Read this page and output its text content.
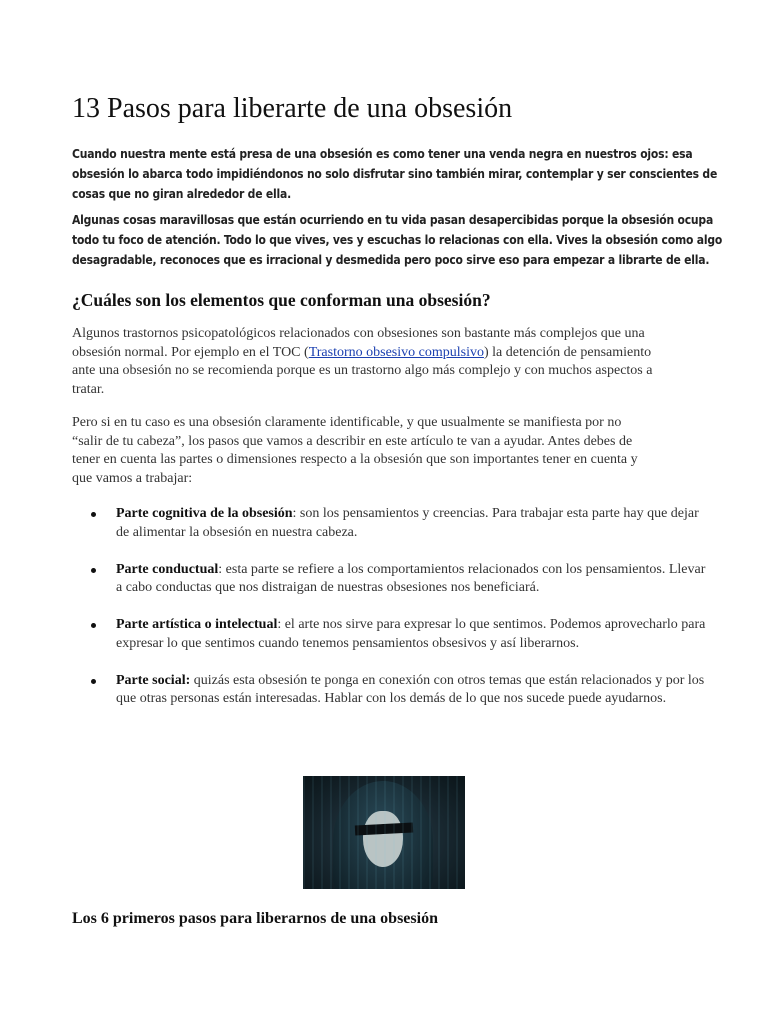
13 Pasos para liberarte de una obsesión
Cuando nuestra mente está presa de una obsesión es como tener una venda negra en nuestros ojos: esa
obsesión lo abarca todo impidiéndonos no solo disfrutar sino también mirar, contemplar y ser conscientes de
cosas que no giran alrededor de ella.
Algunas cosas maravillosas que están ocurriendo en tu vida pasan desapercibidas porque la obsesión ocupa
todo tu foco de atención. Todo lo que vives, ves y escuchas lo relacionas con ella. Vives la obsesión como algo
desagradable, reconoces que es irracional y desmedida pero poco sirve eso para empezar a librarte de ella.
¿Cuáles son los elementos que conforman una obsesión?
Algunos trastornos psicopatológicos relacionados con obsesiones son bastante más complejos que una
obsesión normal. Por ejemplo en el TOC (Trastorno obsesivo compulsivo) la detención de pensamiento
ante una obsesión no se recomienda porque es un trastorno algo más complejo y con muchos aspectos a
tratar.
Pero si en tu caso es una obsesión claramente identificable, y que usualmente se manifiesta por no
“salir de tu cabeza”, los pasos que vamos a describir en este artículo te van a ayudar. Antes debes de
tener en cuenta las partes o dimensiones respecto a la obsesión que son importantes tener en cuenta y
que vamos a trabajar:
Parte cognitiva de la obsesión: son los pensamientos y creencias. Para trabajar esta parte hay que dejar de alimentar la obsesión en nuestra cabeza.
Parte conductual: esta parte se refiere a los comportamientos relacionados con los pensamientos. Llevar a cabo conductas que nos distraigan de nuestras obsesiones nos beneficiará.
Parte artística o intelectual: el arte nos sirve para expresar lo que sentimos. Podemos aprovecharlo para expresar lo que sentimos cuando tenemos pensamientos obsesivos y así liberarnos.
Parte social: quizás esta obsesión te ponga en conexión con otros temas que están relacionados y por los que otras personas están interesadas. Hablar con los demás de lo que nos sucede puede ayudarnos.
Los 6 primeros pasos para liberarnos de una obsesión
